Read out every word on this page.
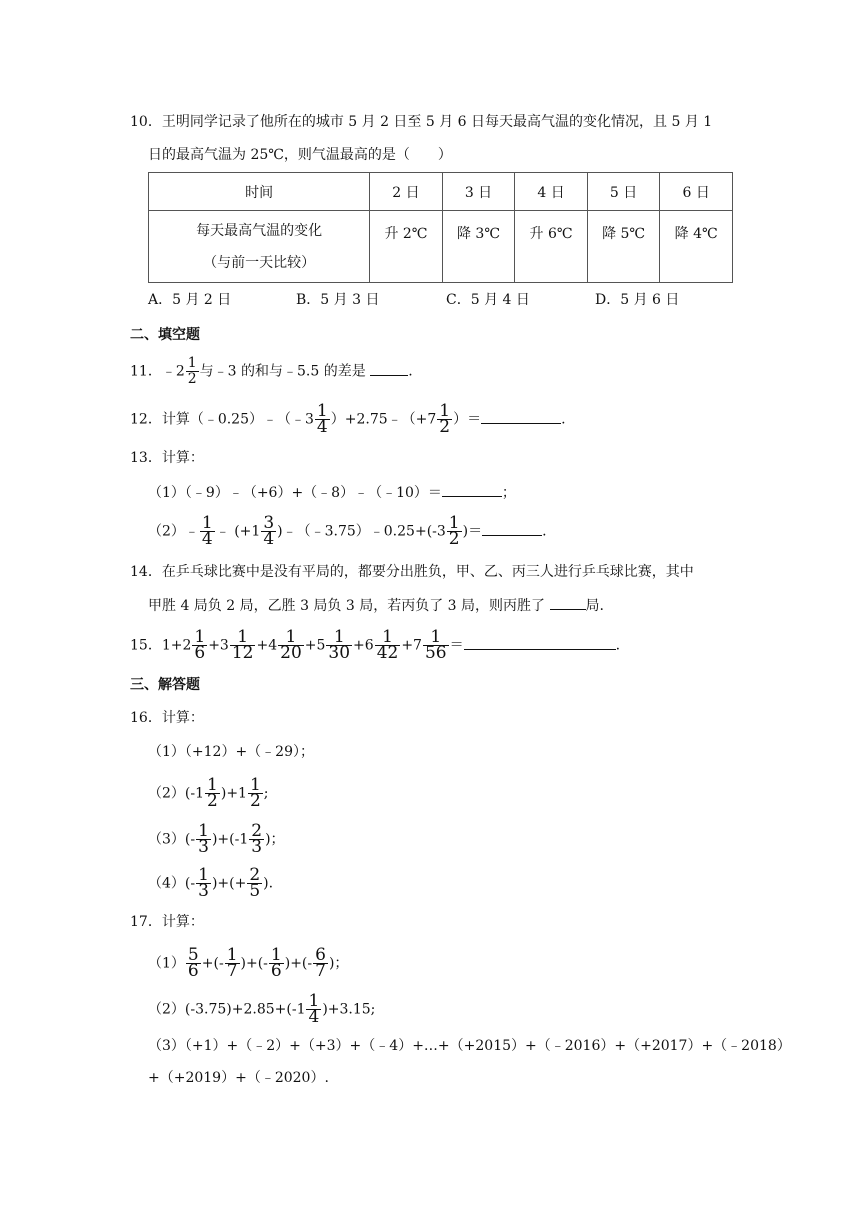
10．王明同学记录了他所在的城市 5 月 2 日至 5 月 6 日每天最高气温的变化情况，且 5 月 1
日的最高气温为 25℃，则气温最高的是（　　）
时间	2 日	3 日	4 日	5 日	6 日

每天最高气温的变化
（与前一天比较）	升 2℃	降 3℃	升 6℃	降 5℃	降 4℃
A．5 月 2 日	B．5 月 3 日	C．5 月 4 日	D．5 月 6 日
二、填空题
11．﹣2 $\frac{1}{2}$ 与﹣3 的和与﹣5.5 的差是	.
12．计算（﹣0.25）﹣（﹣3 $\frac{1}{4}$ ）+2.75﹣（+7 $\frac{1}{2}$ ）＝	.
13．计算：
（1）（﹣9）﹣（+6）+（﹣8）﹣（﹣10）＝	；
（2）﹣ $\frac{1}{4}$ ﹣ ($+1 \frac{3}{4}$ )﹣（﹣3.75）﹣0.25+(-3 $\frac{1}{2}$ )＝	.
14．在乒乓球比赛中是没有平局的，都要分出胜负，甲、乙、丙三人进行乒乓球比赛，其中
甲胜 4 局负 2 局，乙胜 3 局负 3 局，若丙负了 3 局，则丙胜了	局.
15．$1+2 \frac{1}{6} +3 \frac{1}{12} +4 \frac{1}{20} +5 \frac{1}{30} +6 \frac{1}{42} +7 \frac{1}{56}$ ＝	.
三、解答题
16．计算：
（1）（+12）+（﹣29）；
$(2)(-1 \frac{1}{2} )+1 \frac{1}{2}$ ;
$(3)(- \frac{1}{3} )+(-1 \frac{2}{3}$ )；
$(4)(- \frac{1}{3}$ )+(+ $\frac{2}{5}$ ).
17．计算：
$(1) \frac{5}{6}$ +(- $\frac{1}{7}$ )+(- $\frac{1}{6}$ )+(- $\frac{6}{7}$ )；
$(2)(-3.75)+2.85+(-1 \frac{1}{4} )+3.15$;
（3）（+1）+（﹣2）+（+3）+（﹣4）+…+（+2015）+（﹣2016）+（+2017）+（﹣2018）
+（+2019）+（﹣2020）.
